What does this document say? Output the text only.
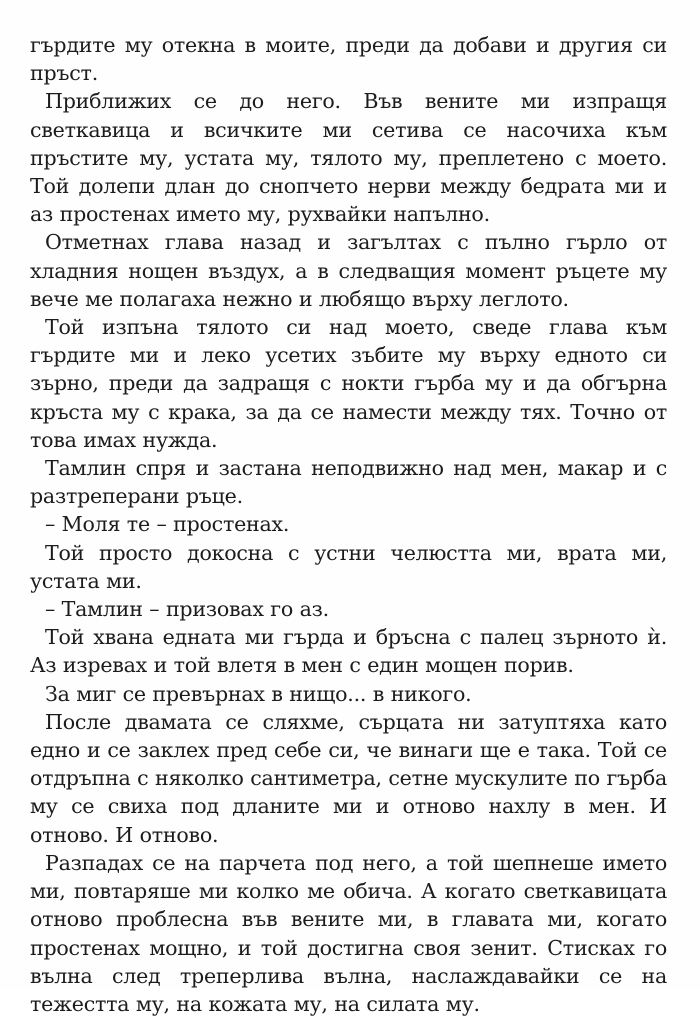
гърдите му отекна в моите, преди да добави и другия си пръст.

Приближих се до него. Във вените ми изпращя светкавица и всичките ми сетива се насочиха към пръстите му, устата му, тялото му, преплетено с моето. Той долепи длан до снопчето нерви между бедрата ми и аз простенах името му, рухвайки напълно.

Отметнах глава назад и загълтах с пълно гърло от хладния нощен въздух, а в следващия момент ръцете му вече ме полагаха нежно и любящо върху леглото.

Той изпъна тялото си над моето, сведе глава към гърдите ми и леко усетих зъбите му върху едното си зърно, преди да задращя с нокти гърба му и да обгърна кръста му с крака, за да се намести между тях. Точно от това имах нужда.

Тамлин спря и застана неподвижно над мен, макар и с разтреперани ръце.

– Моля те – простенах.

Той просто докосна с устни челюстта ми, врата ми, устата ми.

– Тамлин – призовах го аз.

Той хвана едната ми гърда и бръсна с палец зърното ѝ. Аз изревах и той влетя в мен с един мощен порив.

За миг се превърнах в нищо... в никого.

После двамата се сляхме, сърцата ни затуптяха като едно и се заклех пред себе си, че винаги ще е така. Той се отдръпна с няколко сантиметра, сетне мускулите по гърба му се свиха под дланите ми и отново нахлу в мен. И отново. И отново.

Разпадах се на парчета под него, а той шепнеше името ми, повтаряше ми колко ме обича. А когато светкавицата отново проблесна във вените ми, в главата ми, когато простенах мощно, и той достигна своя зенит. Стисках го вълна след треперлива вълна, наслаждавайки се на тежестта му, на кожата му, на силата му.
